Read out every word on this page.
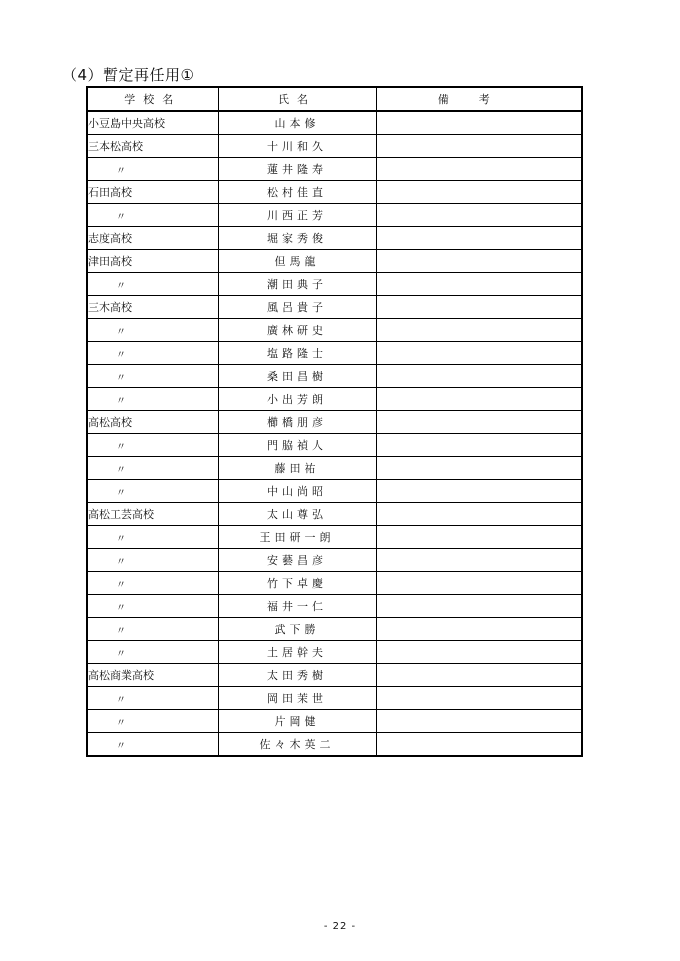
（4）暫定再任用①
学校名	氏名	備考
小豆島中央高校	山本修	
三本松高校	十川和久	
〃	蓮井隆寿	
石田高校	松村佳直	
〃	川西正芳	
志度高校	堀家秀俊	
津田高校	但馬龍	
〃	潮田典子	
三木高校	風呂貴子	
〃	廣林研史	
〃	塩路隆士	
〃	桑田昌樹	
〃	小出芳朗	
高松高校	櫛橋朋彦	
〃	門脇禎人	
〃	藤田祐	
〃	中山尚昭	
高松工芸高校	太山尊弘	
〃	王田研一朗	
〃	安藝昌彦	
〃	竹下卓慶	
〃	福井一仁	
〃	武下勝	
〃	土居幹夫	
高松商業高校	太田秀樹	
〃	岡田茉世	
〃	片岡健	
〃	佐々木英二	
- 22 -
